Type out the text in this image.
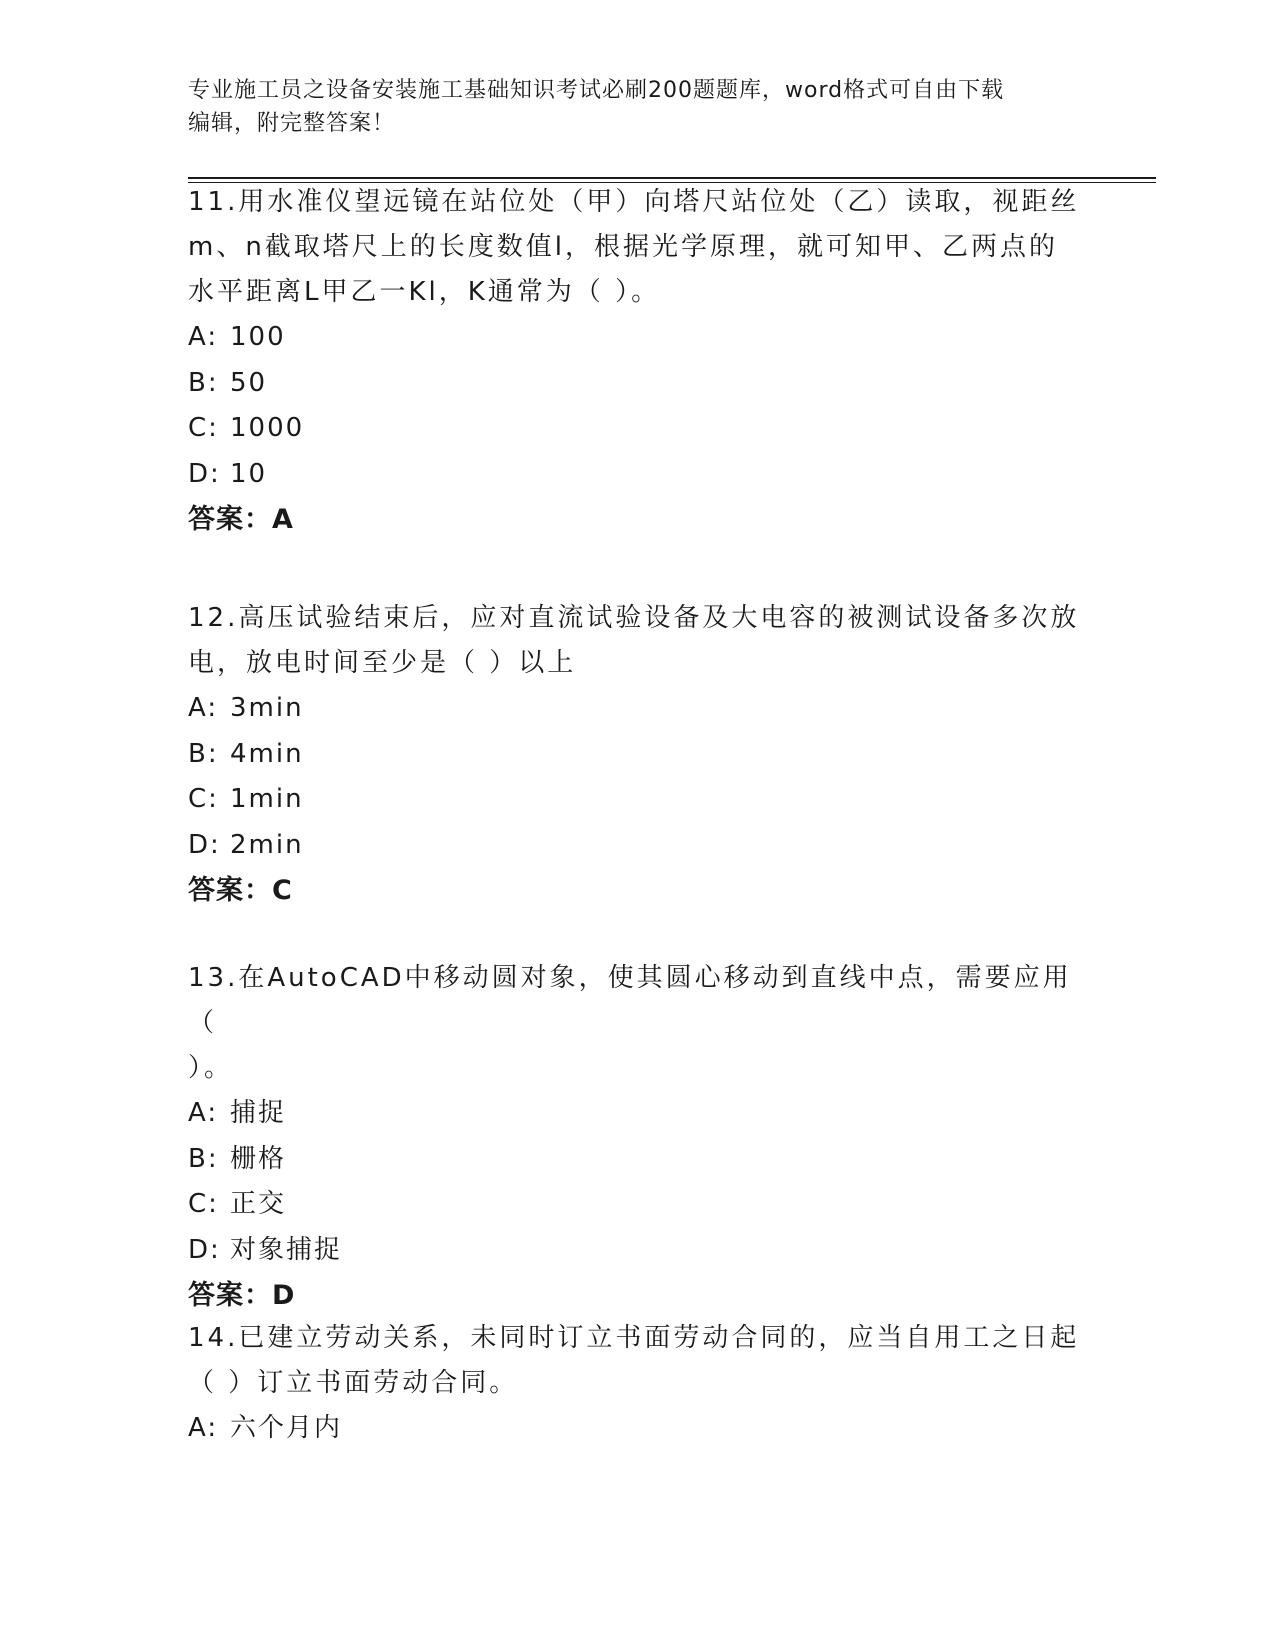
专业施工员之设备安装施工基础知识考试必刷200题题库，word格式可自由下载
编辑，附完整答案！

11.用水准仪望远镜在站位处（甲）向塔尺站位处（乙）读取，视距丝

m、n截取塔尺上的长度数值l，根据光学原理，就可知甲、乙两点的

水平距离L甲乙一Kl，K通常为（ ）。

A: 100

B: 50

C: 1000

D: 10

答案：A

12.高压试验结束后，应对直流试验设备及大电容的被测试设备多次放

电，放电时间至少是（ ）以上

A: 3min

B: 4min

C: 1min

D: 2min

答案：C

13.在AutoCAD中移动圆对象，使其圆心移动到直线中点，需要应用（

）。

A: 捕捉

B: 栅格

C: 正交

D: 对象捕捉

答案：D

14.已建立劳动关系，未同时订立书面劳动合同的，应当自用工之日起

（ ）订立书面劳动合同。

A: 六个月内
